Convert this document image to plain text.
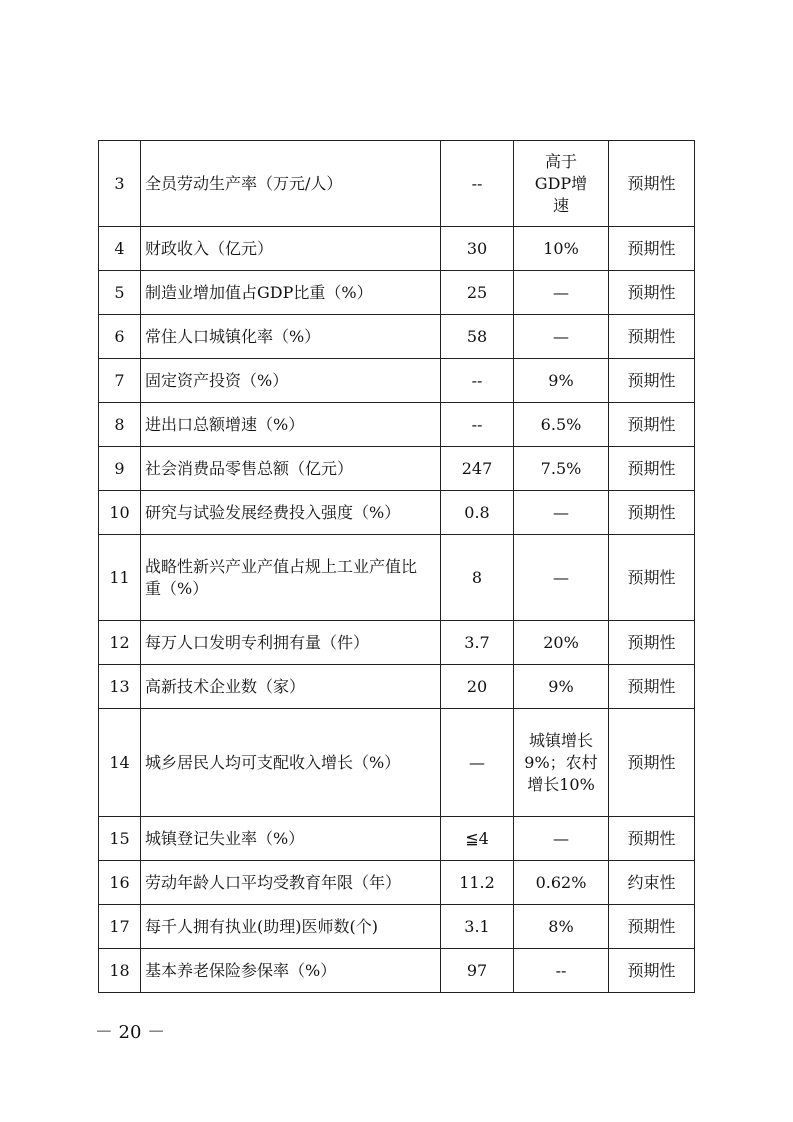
3	全员劳动生产率（万元/人）	--	高于GDP增速	预期性
4	财政收入（亿元）	30	10%	预期性
5	制造业增加值占GDP比重（%）	25	—	预期性
6	常住人口城镇化率（%）	58	—	预期性
7	固定资产投资（%）	--	9%	预期性
8	进出口总额增速（%）	--	6.5%	预期性
9	社会消费品零售总额（亿元）	247	7.5%	预期性
10	研究与试验发展经费投入强度（%）	0.8	—	预期性
11	战略性新兴产业产值占规上工业产值比重（%）	8	—	预期性
12	每万人口发明专利拥有量（件）	3.7	20%	预期性
13	高新技术企业数（家）	20	9%	预期性
14	城乡居民人均可支配收入增长（%）	—	城镇增长9%；农村增长10%	预期性
15	城镇登记失业率（%）	≦4	—	预期性
16	劳动年龄人口平均受教育年限（年）	11.2	0.62%	约束性
17	每千人拥有执业(助理)医师数(个)	3.1	8%	预期性
18	基本养老保险参保率（%）	97	--	预期性
－ 20 －
